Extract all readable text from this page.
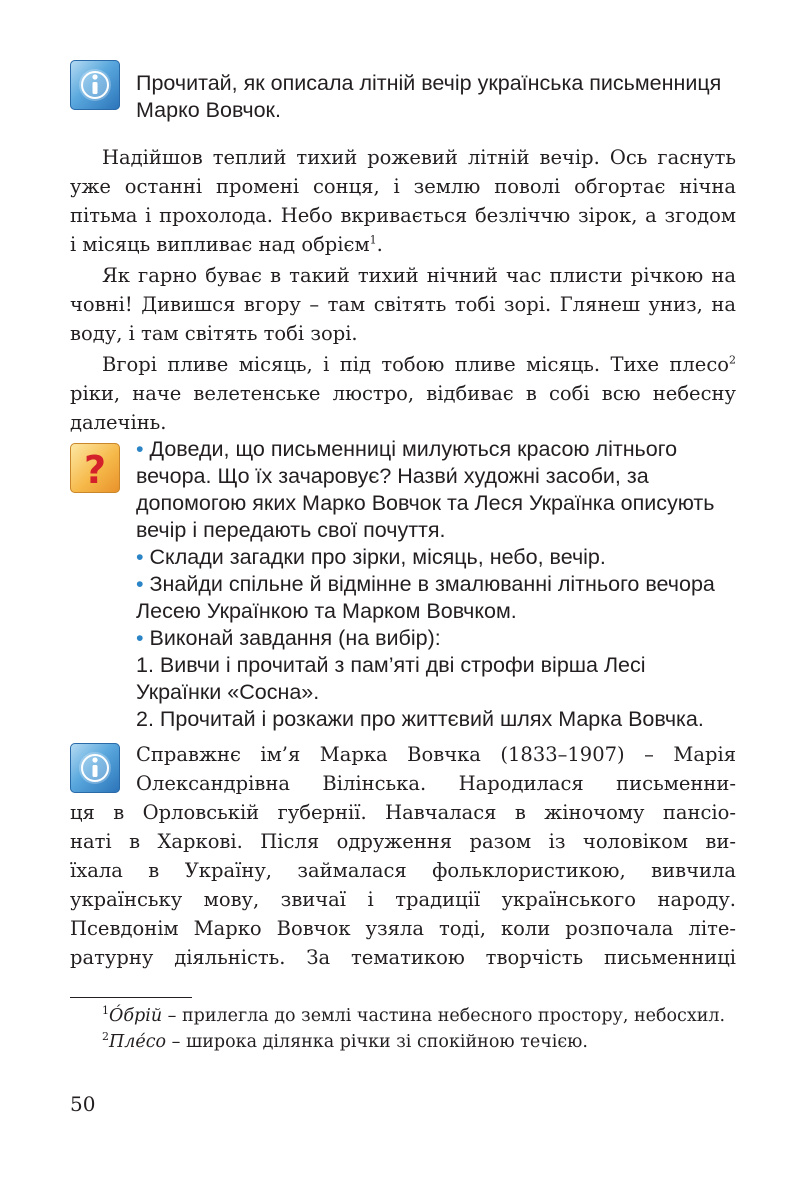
Прочитай, як описала літній вечір українська письменниця Марко Вовчок.

Надійшов теплий тихий рожевий літній вечір. Ось гаснуть уже останні промені сонця, і землю поволі обгортає нічна пітьма і прохолода. Небо вкривається безліччю зірок, а згодом і місяць випливає над обрієм$^1$.

Як гарно буває в такий тихий нічний час плисти річкою на човні! Дивишся вгору – там світять тобі зорі. Глянеш униз, на воду, і там світять тобі зорі.

Вгорі пливе місяць, і під тобою пливе місяць. Тихе плесо$^2$ ріки, наче велетенське люстро, відбиває в собі всю небесну далечінь.

?

•	Доведи, що письменниці милуються красою літнього вечора. Що їх зачаровує? Назви́ художні засоби, за допомогою яких Марко Вовчок та Леся Українка описують вечір і передають свої почуття.

• Склади загадки про зірки, місяць, небо, вечір.

• Знайди спільне й відмінне в змалюванні літнього вечора Лесею Українкою та Марком Вовчком.

• Виконай завдання (на вибір):

1. Вивчи і прочитай з пам’яті дві строфи вірша Лесі Українки «Сосна».

2. Прочитай і розкажи про життєвий шлях Марка Вовчка.

Справжнє ім’я Марка Вовчка (1833–1907) – Марія
Олександрівна Вілінська. Народилася письменни-
ця в Орловській губернії. Навчалася в жіночому пансіо-
наті в Харкові. Після одруження разом із чоловіком ви-
їхала в Україну, займалася фольклористикою, вивчила
українську мову, звичаї і традиції українського народу.
Псевдонім Марко Вовчок узяла тоді, коли розпочала літе-
ратурну діяльність. За тематикою творчість письменниці

$^1$Óбрій – прилегла до землі частина небесного простору, небосхил.

$^2$Плéсо – широка ділянка річки зі спокійною течією.

50
